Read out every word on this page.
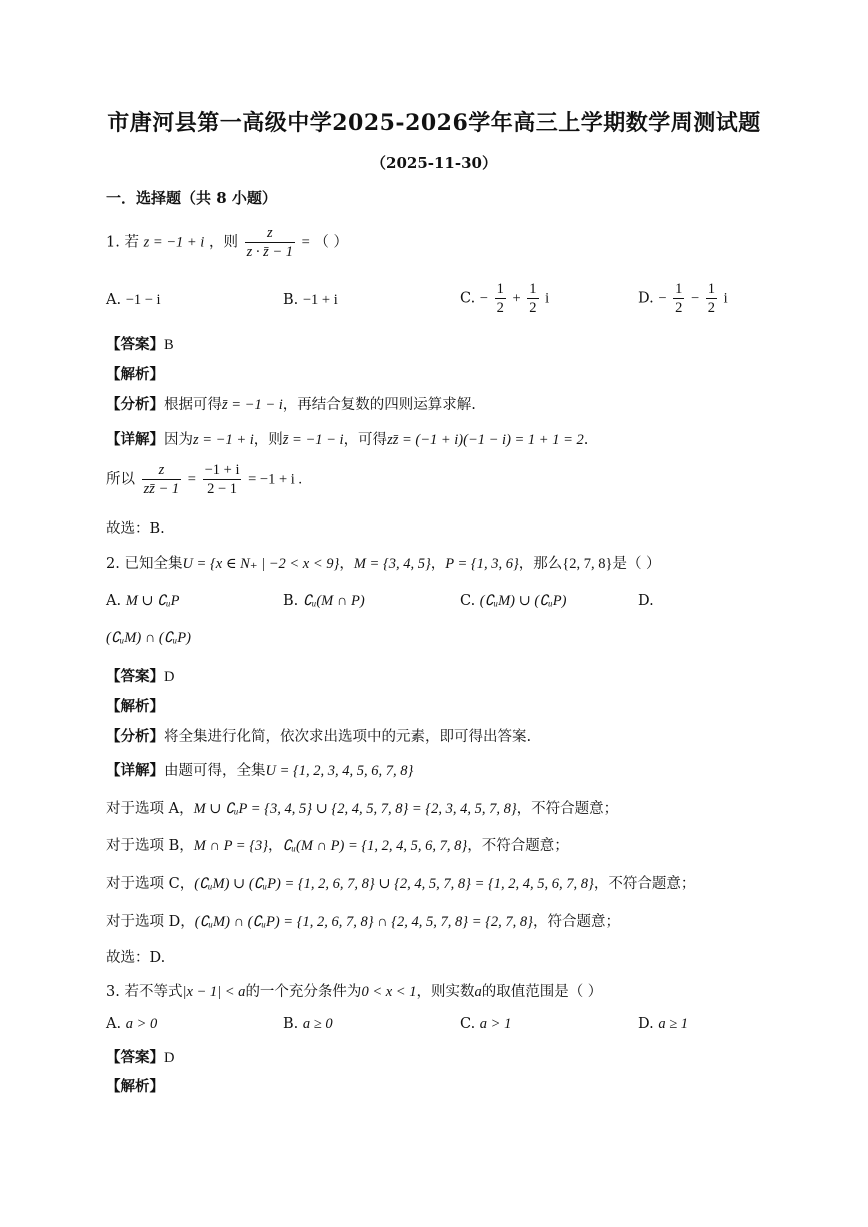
市唐河县第一高级中学2025-2026学年高三上学期数学周测试题
（2025-11-30）
一．选择题（共 8 小题）
1. 若 z = −1 + i ，则 $\frac{z}{z \cdot z̄ - 1}$ = （ ）
A. −1 − i	B. −1 + i	C. − $\frac{1}{2} + \frac{1}{2}$ i	D. − $\frac{1}{2} - \frac{1}{2}$ i
【答案】B
【解析】
【分析】根据可得z̄ = −1 − i，再结合复数的四则运算求解.
【详解】因为z = −1 + i，则z̄ = −1 − i，可得zz̄ = (−1 + i)(−1 − i) = 1 + 1 = 2.
所以 $\frac{z}{zz̄ - 1} = \frac{-1 + i}{2 - 1} = -1 + i$ .
故选：B.
2. 已知全集U = {x ∈ N₊ | −2 < x < 9}，M = {3, 4, 5}，P = {1, 3, 6}，那么{2, 7, 8}是（ ）
A. M ∪ ∁ᵤP	B. ∁ᵤ(M ∩ P)	C. (∁ᵤM) ∪ (∁ᵤP)	D.
(∁ᵤM) ∩ (∁ᵤP)
【答案】D
【解析】
【分析】将全集进行化简，依次求出选项中的元素，即可得出答案.
【详解】由题可得，全集U = {1, 2, 3, 4, 5, 6, 7, 8}
对于选项 A，M ∪ ∁ᵤP = {3, 4, 5} ∪ {2, 4, 5, 7, 8} = {2, 3, 4, 5, 7, 8}，不符合题意；
对于选项 B，M ∩ P = {3}，∁ᵤ(M ∩ P) = {1, 2, 4, 5, 6, 7, 8}，不符合题意；
对于选项 C，(∁ᵤM) ∪ (∁ᵤP) = {1, 2, 6, 7, 8} ∪ {2, 4, 5, 7, 8} = {1, 2, 4, 5, 6, 7, 8}，不符合题意；
对于选项 D，(∁ᵤM) ∩ (∁ᵤP) = {1, 2, 6, 7, 8} ∩ {2, 4, 5, 7, 8} = {2, 7, 8}，符合题意；
故选：D.
3. 若不等式|x − 1| < a的一个充分条件为0 < x < 1，则实数a的取值范围是（ ）
A. a > 0	B. a ≥ 0	C. a > 1	D. a ≥ 1
【答案】D
【解析】
